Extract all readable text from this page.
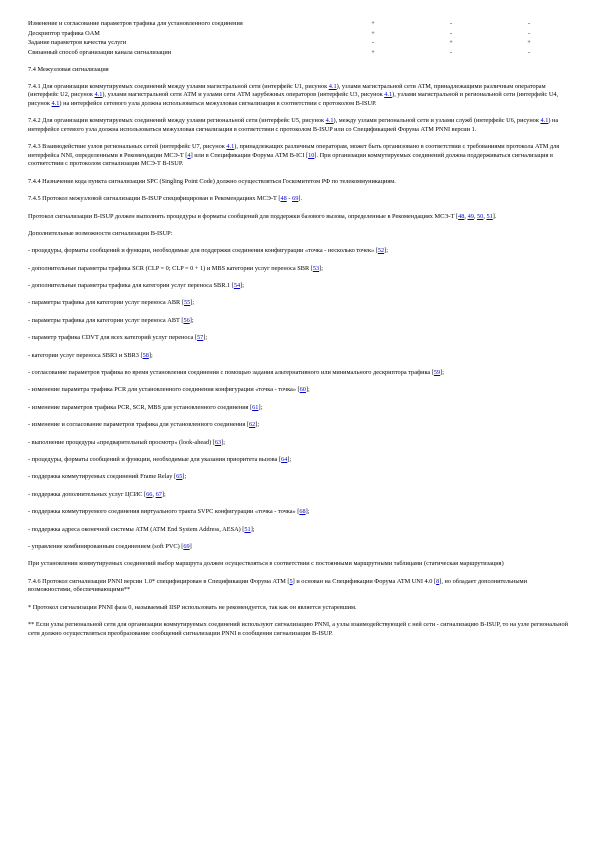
Изменение и согласование параметров трафика для установленного соединения	+	-	-
Дескриптор трафика OAM	+	-	-
Задание параметров качества услуги	-	+	+
Связанный способ организации канала сигнализации	+	-	-
7.4 Межузловая сигнализация

7.4.1 Для организации коммутируемых соединений между узлами магистральной сети (интерфейс U1, рисунок 4.1), узлами магистральной сети АТМ, принадлежащими различным операторам (интерфейс U2, рисунок 4.1), узлами магистральной сети АТМ и узлами сети АТМ зарубежных операторов (интерфейс U3, рисунок 4.1), узлами магистральной и региональной сети (интерфейс U4, рисунок 4.1) на интерфейсе сетевого узла должна использоваться межузловая сигнализация в соответствии с протоколом B-ISUP.

7.4.2 Для организации коммутируемых соединений между узлами региональной сети (интерфейс U5, рисунок 4.1), между узлами региональной сети и узлами служб (интерфейс U6, рисунок 4.1) на интерфейсе сетевого узла должна использоваться межузловая сигнализация в соответствии с протоколом B-ISUP или со Спецификацией Форума АТМ PNNI версии 1.

7.4.3 Взаимодействие узлов региональных сетей (интерфейс U7, рисунок 4.1), принадлежащих различным операторам, может быть организовано в соответствии с требованиями протокола АТМ для интерфейса NNI, определенными в Рекомендации МСЭ-Т [4] или в Спецификации Форума АТМ B-ICI [10]. При организации коммутируемых соединений должна поддерживаться сигнализация в соответствии с протоколом сигнализации МСЭ-Т B-ISUP.

7.4.4 Назначение кода пункта сигнализации SPC (Singling Point Code) должно осуществляться Госкомитетом РФ по телекоммуникациям.

7.4.5 Протокол межузловой сигнализации B-ISUP специфицирован в Рекомендациях МСЭ-Т [48 - 69].

Протокол сигнализации B-ISUP должен выполнять процедуры и форматы сообщений для поддержки базового вызова, определенные в Рекомендациях МСЭ-Т [48, 49, 50, 51].

Дополнительные возможности сигнализации B-ISUP:

- процедуры, форматы сообщений и функции, необходимые для поддержки соединения конфигурации «точка - несколько точек» [52];

- дополнительные параметры трафика SCR (CLP = 0; CLP = 0 + 1) и MBS категории услуг переноса SBR [53];

- дополнительные параметры трафика для категории услуг переноса SBR.1 [54];

- параметры трафика для категории услуг переноса ABR [55];

- параметры трафика для категории услуг переноса ABT [56];

- параметр трафика CDVT для всех категорий услуг переноса [57];

- категории услуг переноса SBR3 и SBR3 [58];

- согласование параметров трафика во время установления соединения с помощью задания альтернативного или минимального дескриптора трафика [59];

- изменение параметра трафика PCR для установленного соединения конфигурации «точка - точка» [60];

- изменение параметров трафика PCR, SCR, MBS для установленного соединения [61];

- изменение и согласование параметров трафика для установленного соединения [62];

- выполнение процедуры «предварительный просмотр» (look-ahead) [63];

- процедуры, форматы сообщений и функции, необходимые для указания приоритета вызова [64];

- поддержка коммутируемых соединений Frame Relay [65];

- поддержка дополнительных услуг ЦСИС [66, 67];

- поддержка коммутируемого соединения виртуального тракта SVPC конфигурации «точка - точка» [68];

- поддержка адреса оконечной системы АТМ (ATM End System Address, AESA) [51];

- управление комбинированным соединением (soft PVC) [69]

При установлении коммутируемых соединений выбор маршрута должен осуществляться в соответствии с постоянными маршрутными таблицами (статическая маршрутизация)

7.4.6 Протокол сигнализации PNNI версии 1.0* специфицирован в Спецификации Форума АТМ [5] и основан на Спецификации Форума АТМ UNI 4.0 [8], но обладает дополнительными возможностями, обеспечивающими**

* Протокол сигнализации PNNI фаза 0, называемый IISP использовать не рекомендуется, так как он является устаревшим.

** Если узлы региональной сети для организации коммутируемых соединений используют сигнализацию PNNI, а узлы взаимодействующей с ней сети - сигнализацию B-ISUP, то на узле региональной сети должно осуществляться преобразование сообщений сигнализации PNNI в сообщения сигнализации B-ISUP.
